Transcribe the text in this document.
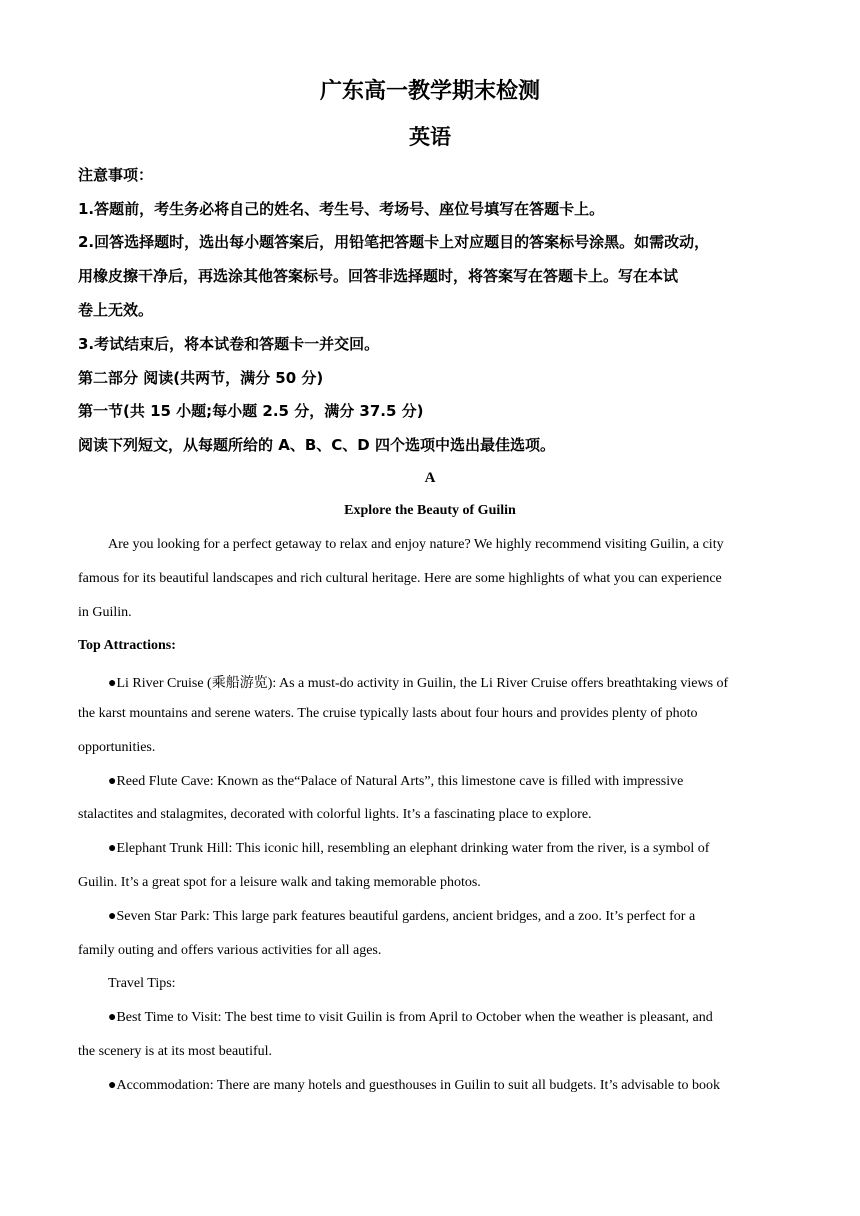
广东高一教学期末检测
英语
注意事项：
1.答题前，考生务必将自己的姓名、考生号、考场号、座位号填写在答题卡上。
2.回答选择题时，选出每小题答案后，用铅笔把答题卡上对应题目的答案标号涂黑。如需改动，
用橡皮擦干净后，再选涂其他答案标号。回答非选择题时，将答案写在答题卡上。写在本试
卷上无效。
3.考试结束后，将本试卷和答题卡一并交回。
第二部分 阅读(共两节，满分 50 分)
第一节(共 15 小题;每小题 2.5 分，满分 37.5 分)
阅读下列短文，从每题所给的 A、B、C、D 四个选项中选出最佳选项。
A
Explore the Beauty of Guilin
Are you looking for a perfect getaway to relax and enjoy nature? We highly recommend visiting Guilin, a city
famous for its beautiful landscapes and rich cultural heritage. Here are some highlights of what you can experience
in Guilin.
Top Attractions:
●Li River Cruise (乘船游览): As a must-do activity in Guilin, the Li River Cruise offers breathtaking views of
the karst mountains and serene waters. The cruise typically lasts about four hours and provides plenty of photo
opportunities.
●Reed Flute Cave: Known as the“Palace of Natural Arts”, this limestone cave is filled with impressive
stalactites and stalagmites, decorated with colorful lights. It’s a fascinating place to explore.
●Elephant Trunk Hill: This iconic hill, resembling an elephant drinking water from the river, is a symbol of
Guilin. It’s a great spot for a leisure walk and taking memorable photos.
●Seven Star Park: This large park features beautiful gardens, ancient bridges, and a zoo. It’s perfect for a
family outing and offers various activities for all ages.
Travel Tips:
●Best Time to Visit: The best time to visit Guilin is from April to October when the weather is pleasant, and
the scenery is at its most beautiful.
●Accommodation: There are many hotels and guesthouses in Guilin to suit all budgets. It’s advisable to book
